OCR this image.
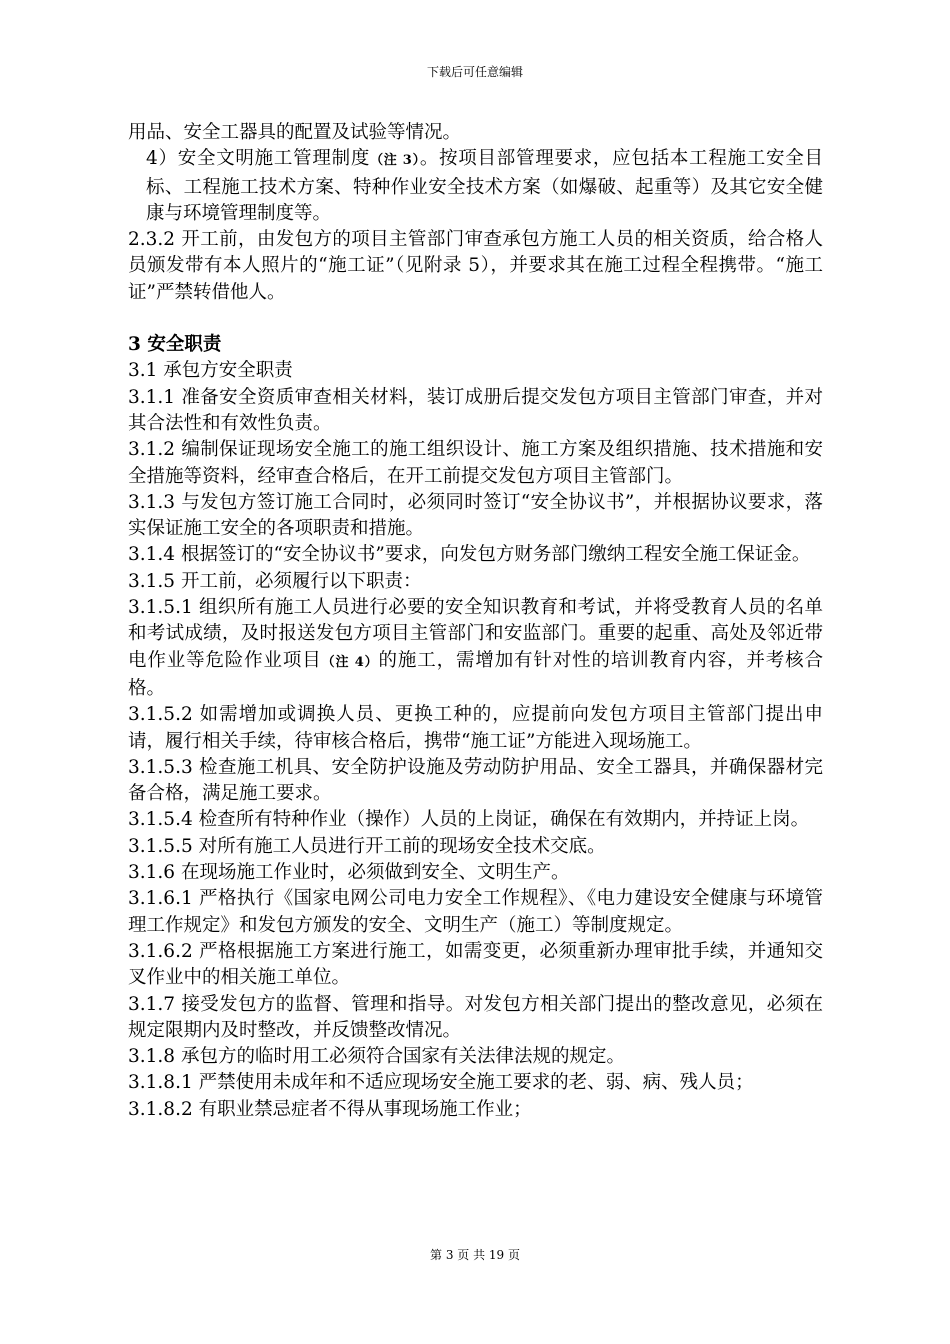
下载后可任意编辑

用品、安全工器具的配置及试验等情况。

4）安全文明施工管理制度（注 3）。按项目部管理要求，应包括本工程施工安全目标、工程施工技术方案、特种作业安全技术方案（如爆破、起重等）及其它安全健康与环境管理制度等。

2.3.2 开工前，由发包方的项目主管部门审查承包方施工人员的相关资质，给合格人员颁发带有本人照片的“施工证”（见附录 5），并要求其在施工过程全程携带。“施工证”严禁转借他人。

3 安全职责

3.1 承包方安全职责

3.1.1 准备安全资质审查相关材料，装订成册后提交发包方项目主管部门审查，并对其合法性和有效性负责。

3.1.2 编制保证现场安全施工的施工组织设计、施工方案及组织措施、技术措施和安全措施等资料，经审查合格后，在开工前提交发包方项目主管部门。

3.1.3 与发包方签订施工合同时，必须同时签订“安全协议书”，并根据协议要求，落实保证施工安全的各项职责和措施。

3.1.4 根据签订的“安全协议书”要求，向发包方财务部门缴纳工程安全施工保证金。

3.1.5 开工前，必须履行以下职责：

3.1.5.1 组织所有施工人员进行必要的安全知识教育和考试，并将受教育人员的名单和考试成绩，及时报送发包方项目主管部门和安监部门。重要的起重、高处及邻近带电作业等危险作业项目（注 4）的施工，需增加有针对性的培训教育内容，并考核合格。

3.1.5.2 如需增加或调换人员、更换工种的，应提前向发包方项目主管部门提出申请，履行相关手续，待审核合格后，携带“施工证”方能进入现场施工。

3.1.5.3 检查施工机具、安全防护设施及劳动防护用品、安全工器具，并确保器材完备合格，满足施工要求。

3.1.5.4 检查所有特种作业（操作）人员的上岗证，确保在有效期内，并持证上岗。

3.1.5.5 对所有施工人员进行开工前的现场安全技术交底。

3.1.6 在现场施工作业时，必须做到安全、文明生产。

3.1.6.1 严格执行《国家电网公司电力安全工作规程》、《电力建设安全健康与环境管理工作规定》和发包方颁发的安全、文明生产（施工）等制度规定。

3.1.6.2 严格根据施工方案进行施工，如需变更，必须重新办理审批手续，并通知交叉作业中的相关施工单位。

3.1.7 接受发包方的监督、管理和指导。对发包方相关部门提出的整改意见，必须在规定限期内及时整改，并反馈整改情况。

3.1.8 承包方的临时用工必须符合国家有关法律法规的规定。

3.1.8.1 严禁使用未成年和不适应现场安全施工要求的老、弱、病、残人员；

3.1.8.2 有职业禁忌症者不得从事现场施工作业；

第 3 页 共 19 页
